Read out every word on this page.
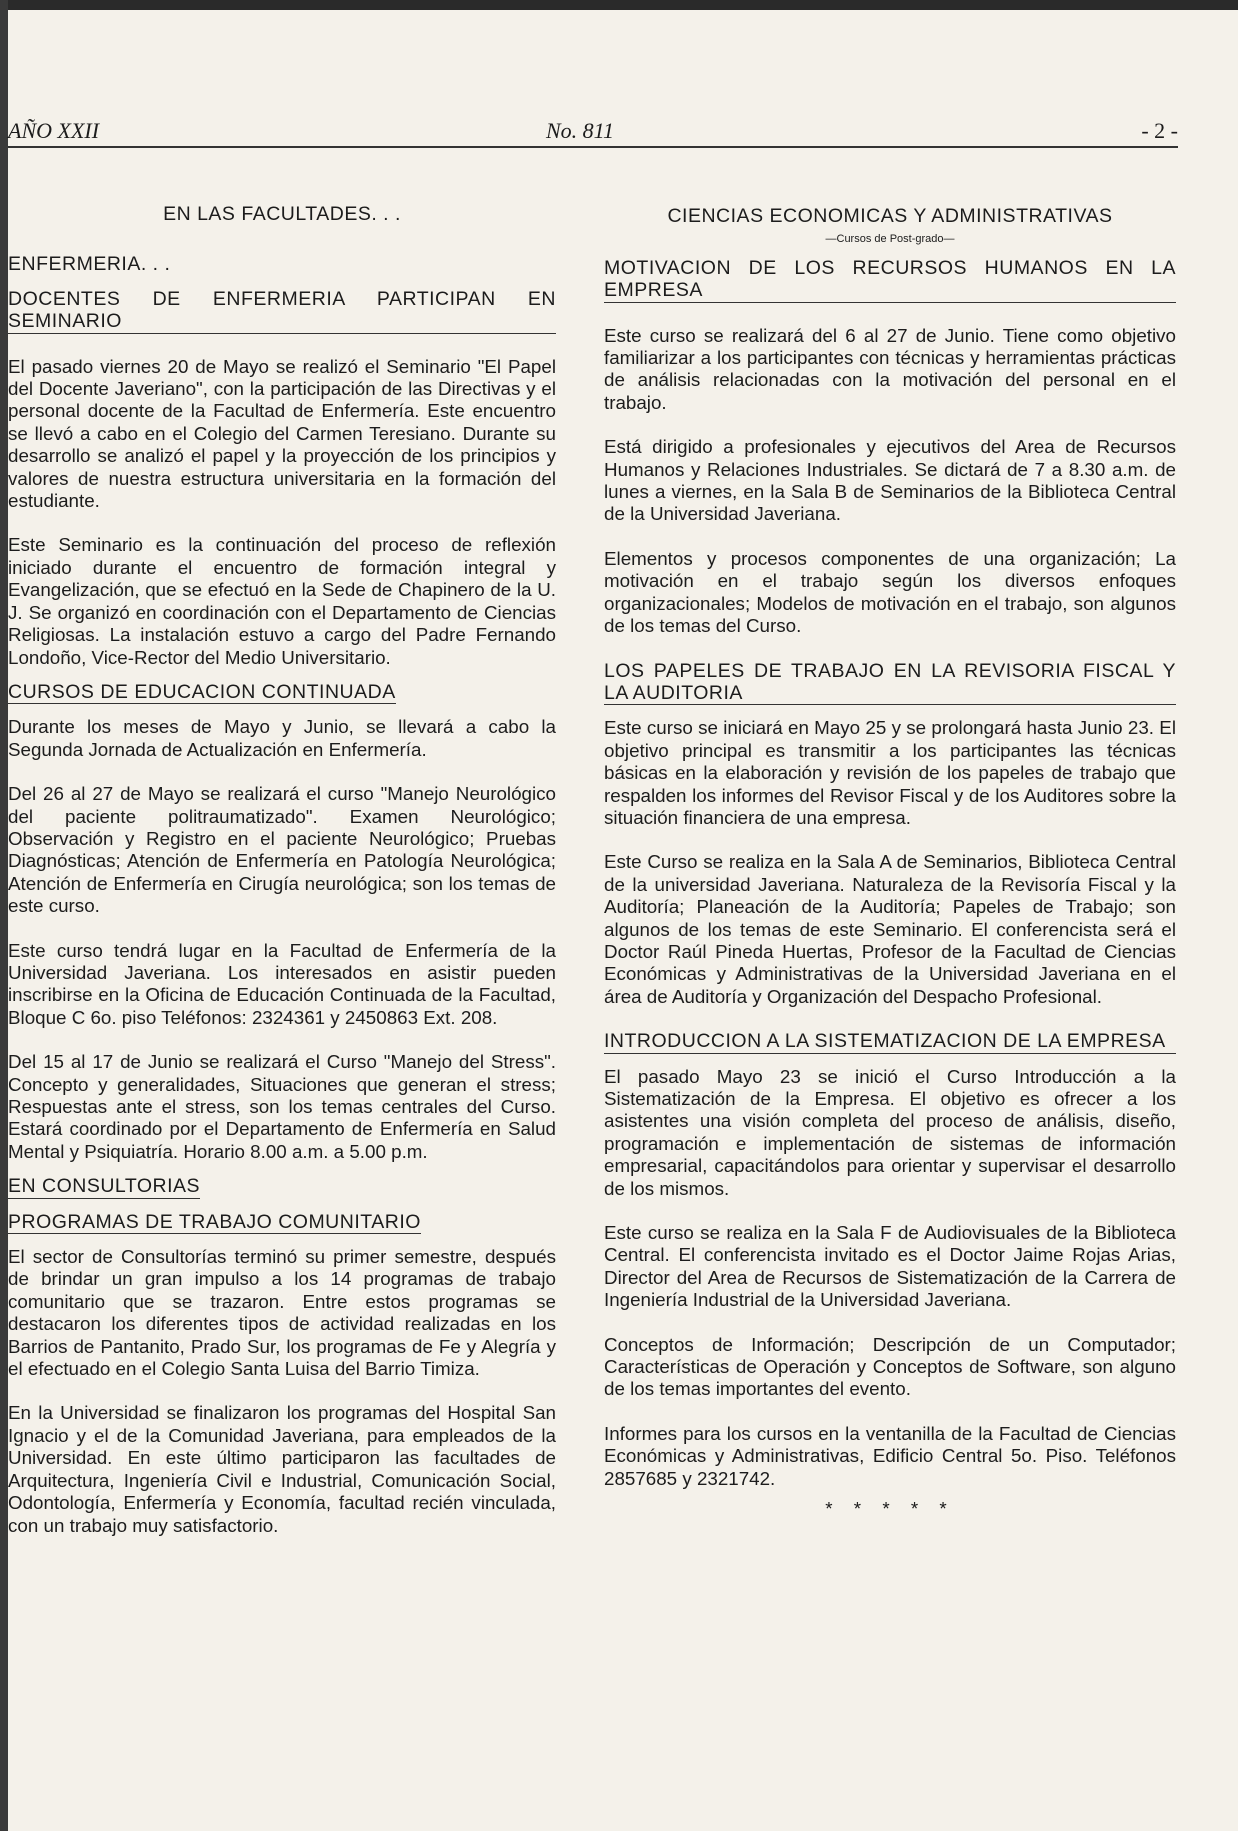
AÑO XXII	No. 811	- 2 -
EN LAS FACULTADES. . .
ENFERMERIA. . .
DOCENTES DE ENFERMERIA PARTICIPAN EN SEMINARIO

El pasado viernes 20 de Mayo se realizó el Seminario "El Papel del Docente Javeriano", con la participación de las Directivas y el personal docente de la Facultad de Enfermería. Este encuentro se llevó a cabo en el Colegio del Carmen Teresiano. Durante su desarrollo se analizó el papel y la proyección de los principios y valores de nuestra estructura universitaria en la formación del estudiante.

Este Seminario es la continuación del proceso de reflexión iniciado durante el encuentro de formación integral y Evangelización, que se efectuó en la Sede de Chapinero de la U. J. Se organizó en coordinación con el Departamento de Ciencias Religiosas. La instalación estuvo a cargo del Padre Fernando Londoño, Vice-Rector del Medio Universitario.

CURSOS DE EDUCACION CONTINUADA

Durante los meses de Mayo y Junio, se llevará a cabo la Segunda Jornada de Actualización en Enfermería.

Del 26 al 27 de Mayo se realizará el curso "Manejo Neurológico del paciente politraumatizado". Examen Neurológico; Observación y Registro en el paciente Neurológico; Pruebas Diagnósticas; Atención de Enfermería en Patología Neurológica; Atención de Enfermería en Cirugía neurológica; son los temas de este curso.

Este curso tendrá lugar en la Facultad de Enfermería de la Universidad Javeriana. Los interesados en asistir pueden inscribirse en la Oficina de Educación Continuada de la Facultad, Bloque C 6o. piso Teléfonos: 2324361 y 2450863 Ext. 208.

Del 15 al 17 de Junio se realizará el Curso "Manejo del Stress". Concepto y generalidades, Situaciones que generan el stress; Respuestas ante el stress, son los temas centrales del Curso. Estará coordinado por el Departamento de Enfermería en Salud Mental y Psiquiatría. Horario 8.00 a.m. a 5.00 p.m.

EN CONSULTORIAS
PROGRAMAS DE TRABAJO COMUNITARIO

El sector de Consultorías terminó su primer semestre, después de brindar un gran impulso a los 14 programas de trabajo comunitario que se trazaron. Entre estos programas se destacaron los diferentes tipos de actividad realizadas en los Barrios de Pantanito, Prado Sur, los programas de Fe y Alegría y el efectuado en el Colegio Santa Luisa del Barrio Timiza.

En la Universidad se finalizaron los programas del Hospital San Ignacio y el de la Comunidad Javeriana, para empleados de la Universidad. En este último participaron las facultades de Arquitectura, Ingeniería Civil e Industrial, Comunicación Social, Odontología, Enfermería y Economía, facultad recién vinculada, con un trabajo muy satisfactorio.

CIENCIAS ECONOMICAS Y ADMINISTRATIVAS
—Cursos de Post-grado—
MOTIVACION DE LOS RECURSOS HUMANOS EN LA EMPRESA

Este curso se realizará del 6 al 27 de Junio. Tiene como objetivo familiarizar a los participantes con técnicas y herramientas prácticas de análisis relacionadas con la motivación del personal en el trabajo.

Está dirigido a profesionales y ejecutivos del Area de Recursos Humanos y Relaciones Industriales. Se dictará de 7 a 8.30 a.m. de lunes a viernes, en la Sala B de Seminarios de la Biblioteca Central de la Universidad Javeriana.

Elementos y procesos componentes de una organización; La motivación en el trabajo según los diversos enfoques organizacionales; Modelos de motivación en el trabajo, son algunos de los temas del Curso.

LOS PAPELES DE TRABAJO EN LA REVISORIA FISCAL Y LA AUDITORIA

Este curso se iniciará en Mayo 25 y se prolongará hasta Junio 23. El objetivo principal es transmitir a los participantes las técnicas básicas en la elaboración y revisión de los papeles de trabajo que respalden los informes del Revisor Fiscal y de los Auditores sobre la situación financiera de una empresa.

Este Curso se realiza en la Sala A de Seminarios, Biblioteca Central de la universidad Javeriana. Naturaleza de la Revisoría Fiscal y la Auditoría; Planeación de la Auditoría; Papeles de Trabajo; son algunos de los temas de este Seminario. El conferencista será el Doctor Raúl Pineda Huertas, Profesor de la Facultad de Ciencias Económicas y Administrativas de la Universidad Javeriana en el área de Auditoría y Organización del Despacho Profesional.

INTRODUCCION A LA SISTEMATIZACION DE LA EMPRESA

El pasado Mayo 23 se inició el Curso Introducción a la Sistematización de la Empresa. El objetivo es ofrecer a los asistentes una visión completa del proceso de análisis, diseño, programación e implementación de sistemas de información empresarial, capacitándolos para orientar y supervisar el desarrollo de los mismos.

Este curso se realiza en la Sala F de Audiovisuales de la Biblioteca Central. El conferencista invitado es el Doctor Jaime Rojas Arias, Director del Area de Recursos de Sistematización de la Carrera de Ingeniería Industrial de la Universidad Javeriana.

Conceptos de Información; Descripción de un Computador; Características de Operación y Conceptos de Software, son alguno de los temas importantes del evento.

Informes para los cursos en la ventanilla de la Facultad de Ciencias Económicas y Administrativas, Edificio Central 5o. Piso. Teléfonos 2857685 y 2321742.

* * * * *
